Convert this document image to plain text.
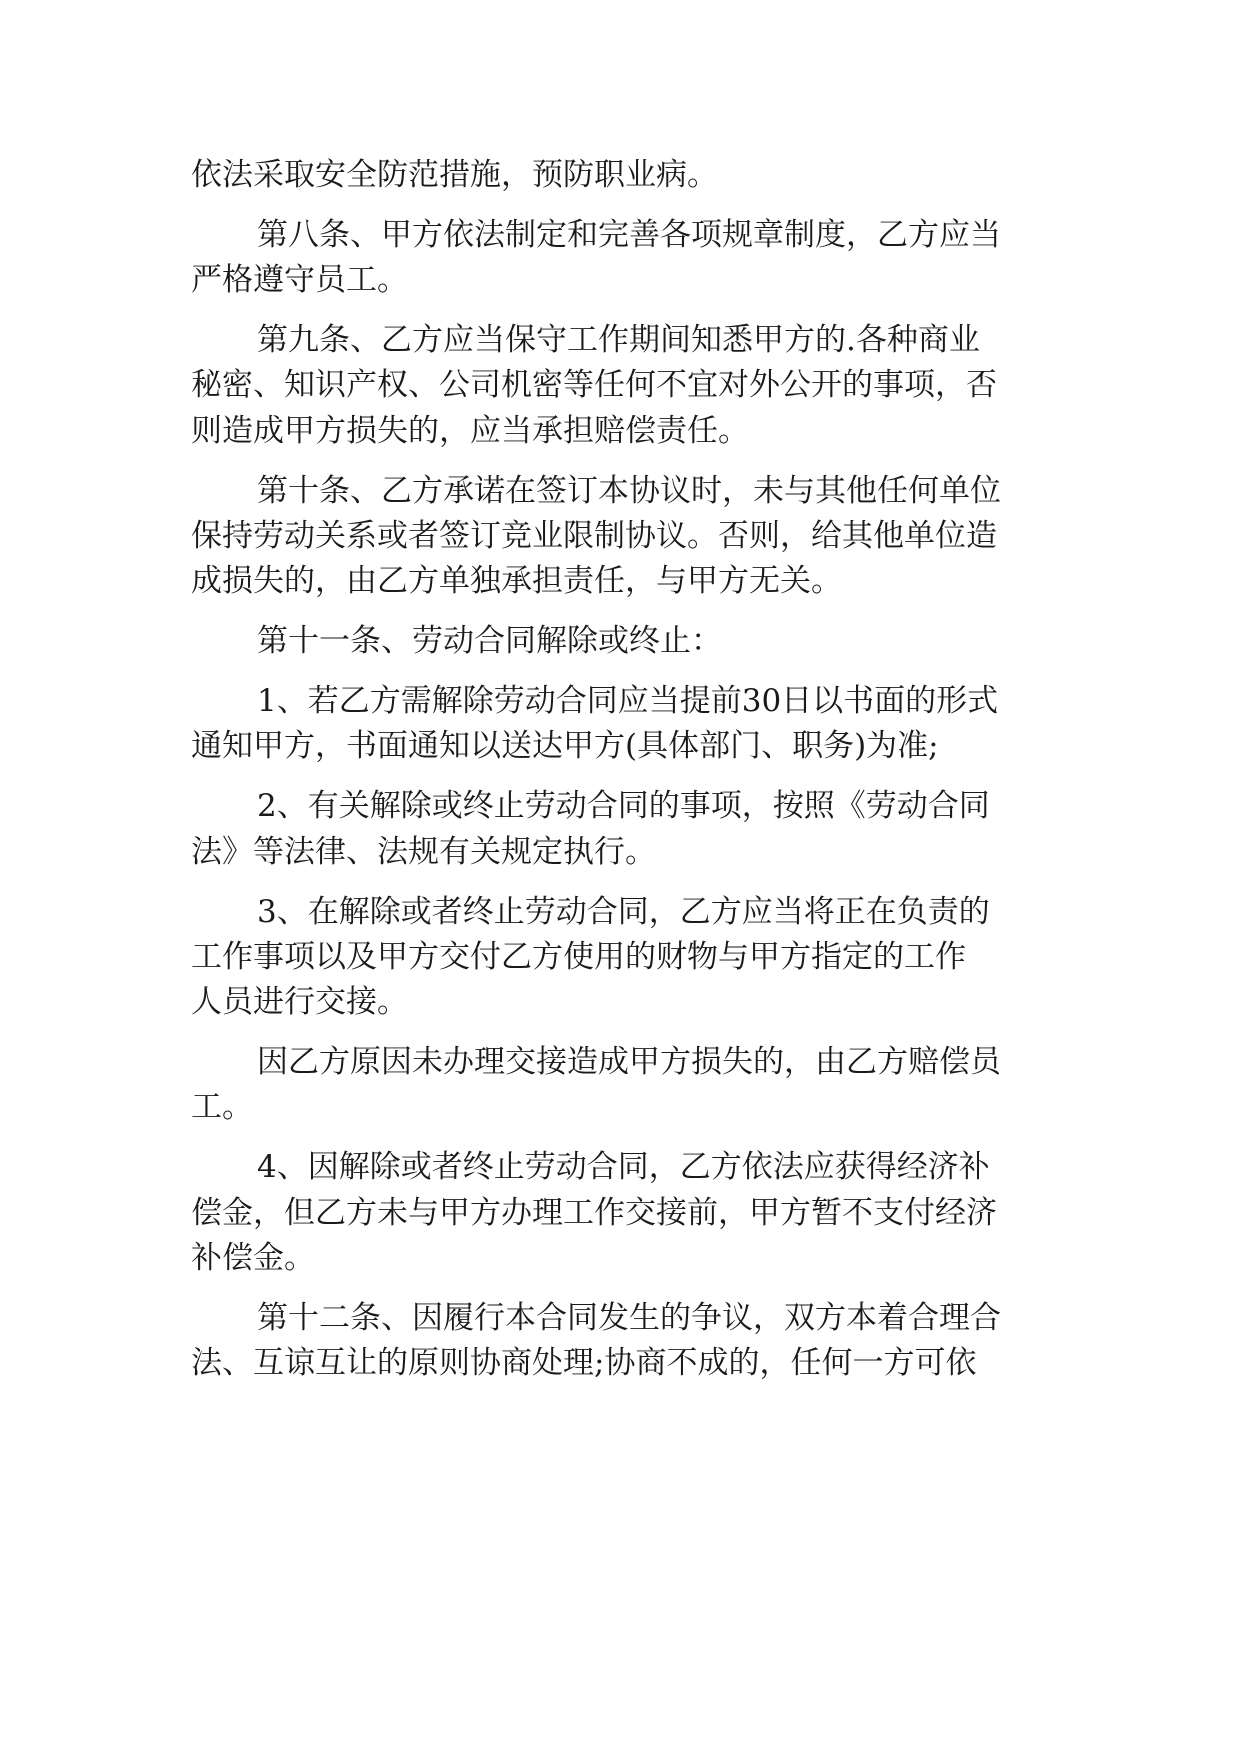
依法采取安全防范措施，预防职业病。

第八条、甲方依法制定和完善各项规章制度，乙方应当

严格遵守员工。

第九条、乙方应当保守工作期间知悉甲方的.各种商业

秘密、知识产权、公司机密等任何不宜对外公开的事项，否

则造成甲方损失的，应当承担赔偿责任。

第十条、乙方承诺在签订本协议时，未与其他任何单位

保持劳动关系或者签订竞业限制协议。否则，给其他单位造

成损失的，由乙方单独承担责任，与甲方无关。

第十一条、劳动合同解除或终止：

1、若乙方需解除劳动合同应当提前30日以书面的形式

通知甲方，书面通知以送达甲方(具体部门、职务)为准;

2、有关解除或终止劳动合同的事项，按照《劳动合同

法》等法律、法规有关规定执行。

3、在解除或者终止劳动合同，乙方应当将正在负责的

工作事项以及甲方交付乙方使用的财物与甲方指定的工作

人员进行交接。

因乙方原因未办理交接造成甲方损失的，由乙方赔偿员

工。

4、因解除或者终止劳动合同，乙方依法应获得经济补

偿金，但乙方未与甲方办理工作交接前，甲方暂不支付经济

补偿金。

第十二条、因履行本合同发生的争议，双方本着合理合

法、互谅互让的原则协商处理;协商不成的，任何一方可依
